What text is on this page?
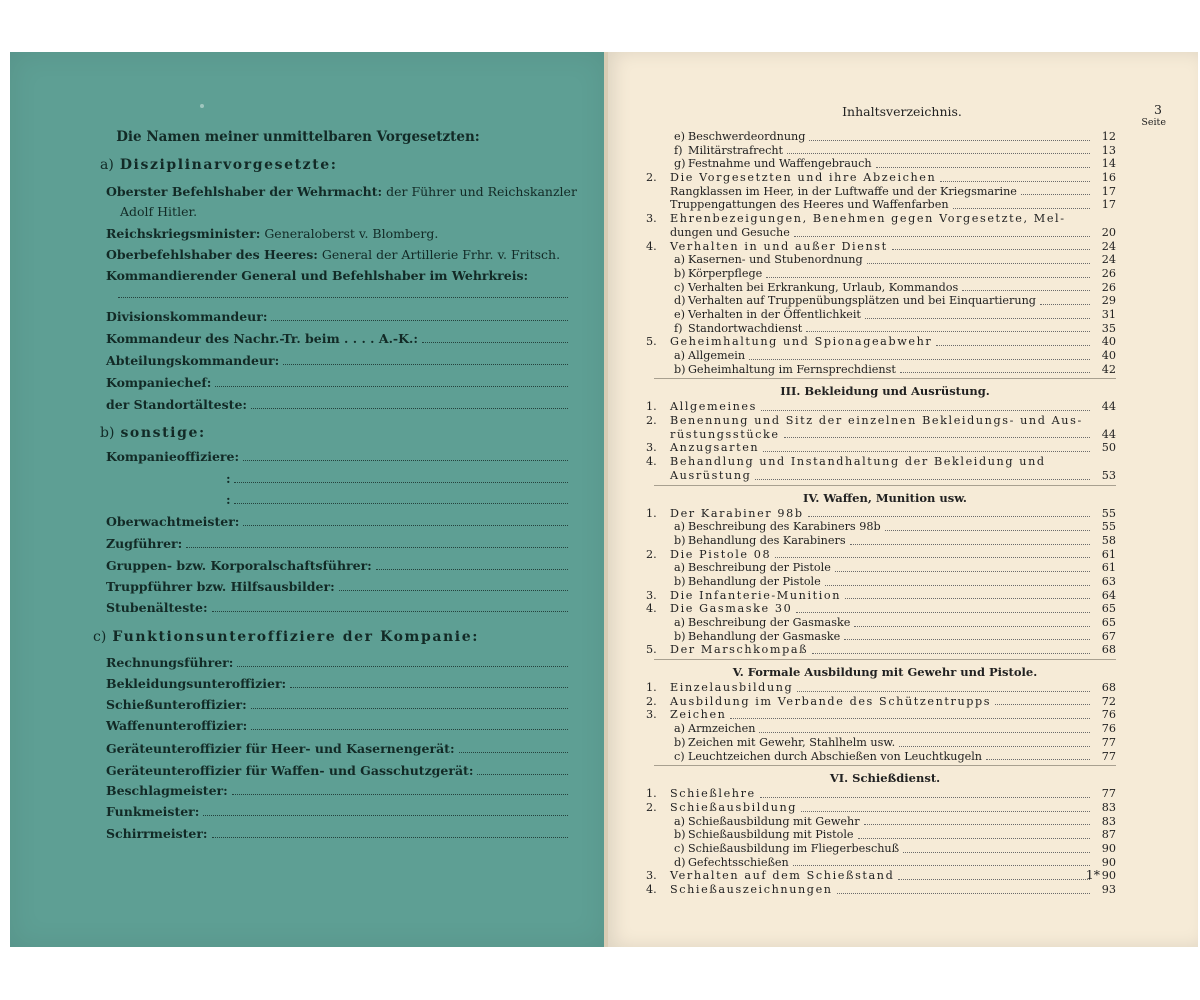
Die Namen meiner unmittelbaren Vorgesetzten:
a) Disziplinarvorgesetzte:
Oberster Befehlshaber der Wehrmacht: der Führer und Reichskanzler
Adolf Hitler.
Reichskriegsminister: Generaloberst v. Blomberg.
Oberbefehlshaber des Heeres: General der Artillerie Frhr. v. Fritsch.
Kommandierender General und Befehlshaber im Wehrkreis:
Divisionskommandeur:
Kommandeur des Nachr.-Tr. beim . . . . A.-K.:
Abteilungskommandeur:
Kompaniechef:
der Standortälteste:
b) sonstige:
Kompanieoffiziere:
:
:
Oberwachtmeister:
Zugführer:
Gruppen- bzw. Korporalschaftsführer:
Truppführer bzw. Hilfsausbilder:
Stubenälteste:
c) Funktionsunteroffiziere der Kompanie:
Rechnungsführer:
Bekleidungsunteroffizier:
Schießunteroffizier:
Waffenunteroffizier:
Geräteunteroffizier für Heer- und Kasernengerät:
Geräteunteroffizier für Waffen- und Gasschutzgerät:
Beschlagmeister:
Funkmeister:
Schirrmeister:
Inhaltsverzeichnis.	3
Seite
e) Beschwerdeordnung	12
f) Militärstrafrecht	13
g) Festnahme und Waffengebrauch	14
2.	Die Vorgesetzten und ihre Abzeichen	16
Rangklassen im Heer, in der Luftwaffe und der Kriegsmarine	17
Truppengattungen des Heeres und Waffenfarben	17
3.	Ehrenbezeigungen, Benehmen gegen Vorgesetzte, Mel-
dungen und Gesuche	20
4.	Verhalten in und außer Dienst	24
a) Kasernen- und Stubenordnung	24
b) Körperpflege	26
c) Verhalten bei Erkrankung, Urlaub, Kommandos	26
d) Verhalten auf Truppenübungsplätzen und bei Einquartierung	29
e) Verhalten in der Öffentlichkeit	31
f) Standortwachdienst	35
5.	Geheimhaltung und Spionageabwehr	40
a) Allgemein	40
b) Geheimhaltung im Fernsprechdienst	42
III. Bekleidung und Ausrüstung.
1.	Allgemeines	44
2.	Benennung und Sitz der einzelnen Bekleidungs- und Aus-
rüstungsstücke	44
3.	Anzugsarten	50
4.	Behandlung und Instandhaltung der Bekleidung und
Ausrüstung	53
IV. Waffen, Munition usw.
1.	Der Karabiner 98b	55
a) Beschreibung des Karabiners 98b	55
b) Behandlung des Karabiners	58
2.	Die Pistole 08	61
a) Beschreibung der Pistole	61
b) Behandlung der Pistole	63
3.	Die Infanterie-Munition	64
4.	Die Gasmaske 30	65
a) Beschreibung der Gasmaske	65
b) Behandlung der Gasmaske	67
5.	Der Marschkompaß	68
V. Formale Ausbildung mit Gewehr und Pistole.
1.	Einzelausbildung	68
2.	Ausbildung im Verbande des Schützentrupps	72
3.	Zeichen	76
a) Armzeichen	76
b) Zeichen mit Gewehr, Stahlhelm usw.	77
c) Leuchtzeichen durch Abschießen von Leuchtkugeln	77
VI. Schießdienst.
1.	Schießlehre	77
2.	Schießausbildung	83
a) Schießausbildung mit Gewehr	83
b) Schießausbildung mit Pistole	87
c) Schießausbildung im Fliegerbeschuß	90
d) Gefechtsschießen	90
3.	Verhalten auf dem Schießstand	90
4.	Schießauszeichnungen	93
1*
